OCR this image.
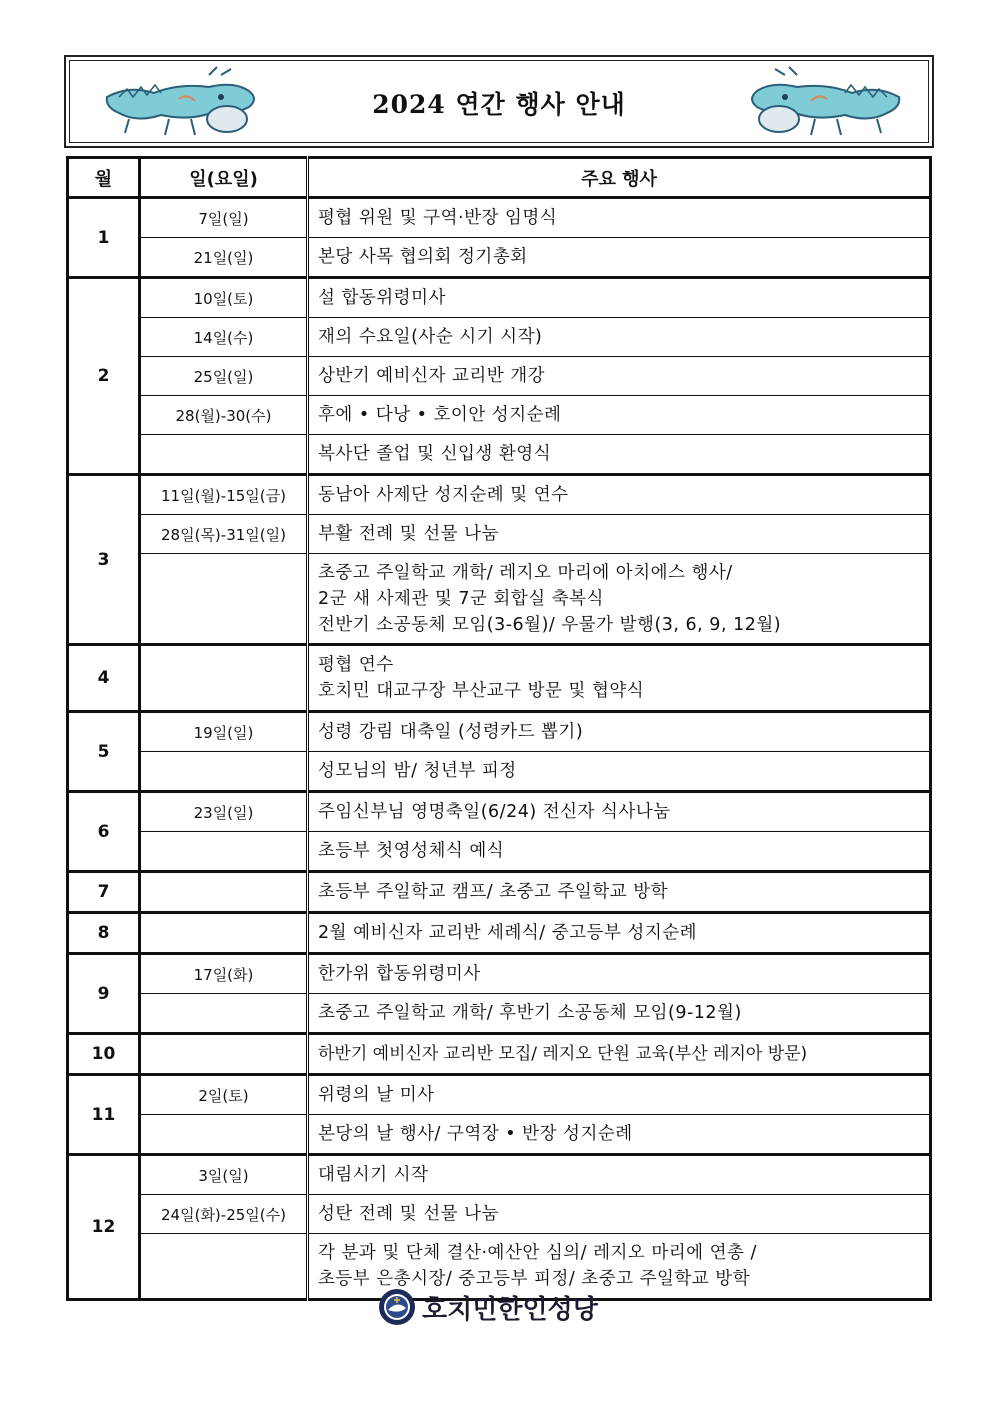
2024 연간 행사 안내
월	일(요일)	주요 행사
1	7일(일)	평협 위원 및 구역·반장 임명식
	21일(일)	본당 사목 협의회 정기총회
2	10일(토)	설 합동위령미사
	14일(수)	재의 수요일(사순 시기 시작)
	25일(일)	상반기 예비신자 교리반 개강
	28(월)-30(수)	후에 • 다낭 • 호이안 성지순례
		복사단 졸업 및 신입생 환영식
3	11일(월)-15일(금)	동남아 사제단 성지순례 및 연수
	28일(목)-31일(일)	부활 전례 및 선물 나눔

		초중고 주일학교 개학/ 레지오 마리에 아치에스 행사/
2군 새 사제관 및 7군 회합실 축복식
전반기 소공동체 모임(3-6월)/ 우물가 발행(3, 6, 9, 12월)

4		평협 연수
호치민 대교구장 부산교구 방문 및 협약식

5	19일(일)	성령 강림 대축일 (성령카드 뽑기)
		성모님의 밤/ 청년부 피정
6	23일(일)	주임신부님 영명축일(6/24) 전신자 식사나눔
		초등부 첫영성체식 예식
7		초등부 주일학교 캠프/ 초중고 주일학교 방학
8		2월 예비신자 교리반 세례식/ 중고등부 성지순례
9	17일(화)	한가위 합동위령미사
		초중고 주일학교 개학/ 후반기 소공동체 모임(9-12월)
10		하반기 예비신자 교리반 모집/ 레지오 단원 교육(부산 레지아 방문)
11	2일(토)	위령의 날 미사
		본당의 날 행사/ 구역장 • 반장 성지순례
12	3일(일)	대림시기 시작
	24일(화)-25일(수)	성탄 전례 및 선물 나눔

		각 분과 및 단체 결산·예산안 심의/ 레지오 마리에 연총 /
초등부 은총시장/ 중고등부 피정/ 초중고 주일학교 방학
호치민한인성당
